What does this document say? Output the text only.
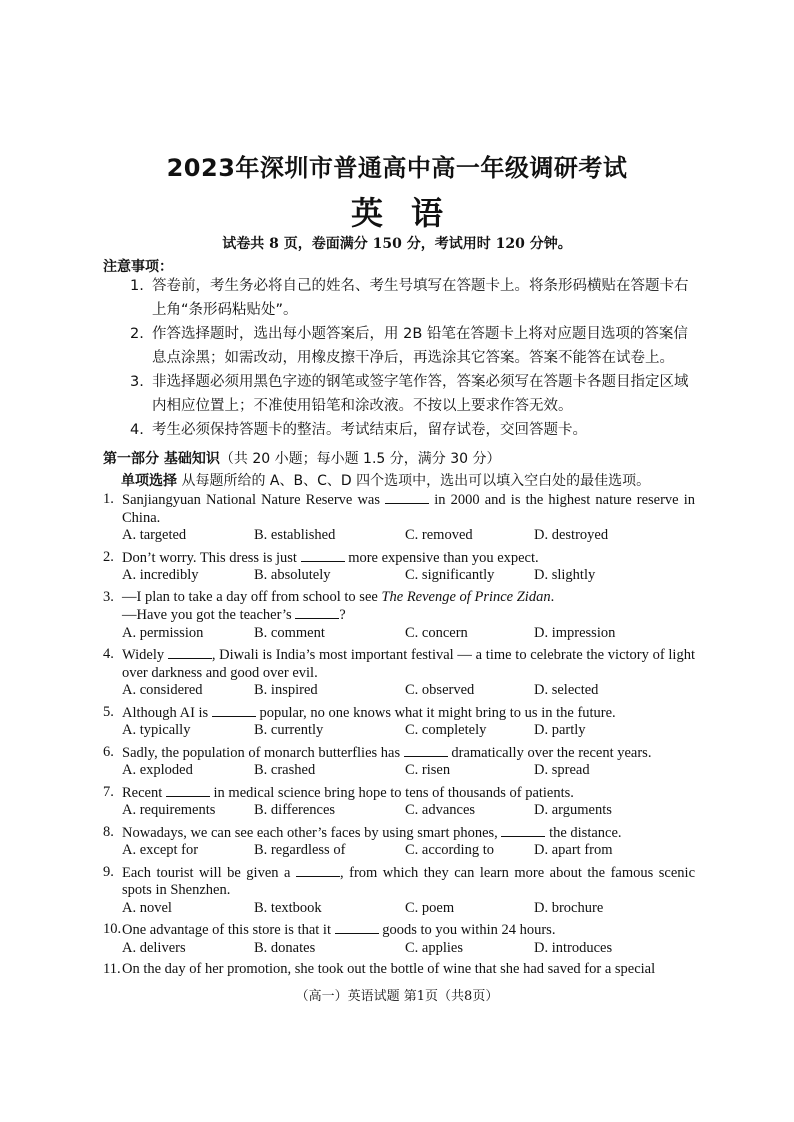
2023年深圳市普通高中高一年级调研考试
英语
试卷共 8 页，卷面满分 150 分，考试用时 120 分钟。
注意事项：
1. 答卷前，考生务必将自己的姓名、考生号填写在答题卡上。将条形码横贴在答题卡右上角“条形码粘贴处”。
2. 作答选择题时，选出每小题答案后，用 2B 铅笔在答题卡上将对应题目选项的答案信息点涂黑；如需改动，用橡皮擦干净后，再选涂其它答案。答案不能答在试卷上。
3. 非选择题必须用黑色字迹的钢笔或签字笔作答，答案必须写在答题卡各题目指定区域内相应位置上；不准使用铅笔和涂改液。不按以上要求作答无效。
4. 考生必须保持答题卡的整洁。考试结束后，留存试卷，交回答题卡。
第一部分 基础知识（共 20 小题；每小题 1.5 分，满分 30 分）
单项选择 从每题所给的 A、B、C、D 四个选项中，选出可以填入空白处的最佳选项。
1. Sanjiangyuan National Nature Reserve was	in 2000 and is the highest nature reserve in China.
A. targeted	B. established	C. removed	D. destroyed
2. Don’t worry. This dress is just	more expensive than you expect.
A. incredibly	B. absolutely	C. significantly	D. slightly
3. —I plan to take a day off from school to see The Revenge of Prince Zidan.
—Have you got the teacher’s	?
A. permission	B. comment	C. concern	D. impression
4. Widely	, Diwali is India’s most important festival — a time to celebrate the victory of light over darkness and good over evil.
A. considered	B. inspired	C. observed	D. selected
5. Although AI is	popular, no one knows what it might bring to us in the future.
A. typically	B. currently	C. completely	D. partly
6. Sadly, the population of monarch butterflies has	dramatically over the recent years.
A. exploded	B. crashed	C. risen	D. spread
7. Recent	in medical science bring hope to tens of thousands of patients.
A. requirements	B. differences	C. advances	D. arguments
8. Nowadays, we can see each other’s faces by using smart phones,	the distance.
A. except for	B. regardless of	C. according to	D. apart from
9. Each tourist will be given a	, from which they can learn more about the famous scenic spots in Shenzhen.
A. novel	B. textbook	C. poem	D. brochure
10. One advantage of this store is that it	goods to you within 24 hours.
A. delivers	B. donates	C. applies	D. introduces
11. On the day of her promotion, she took out the bottle of wine that she had saved for a special
（高一）英语试题 第1页（共8页）
